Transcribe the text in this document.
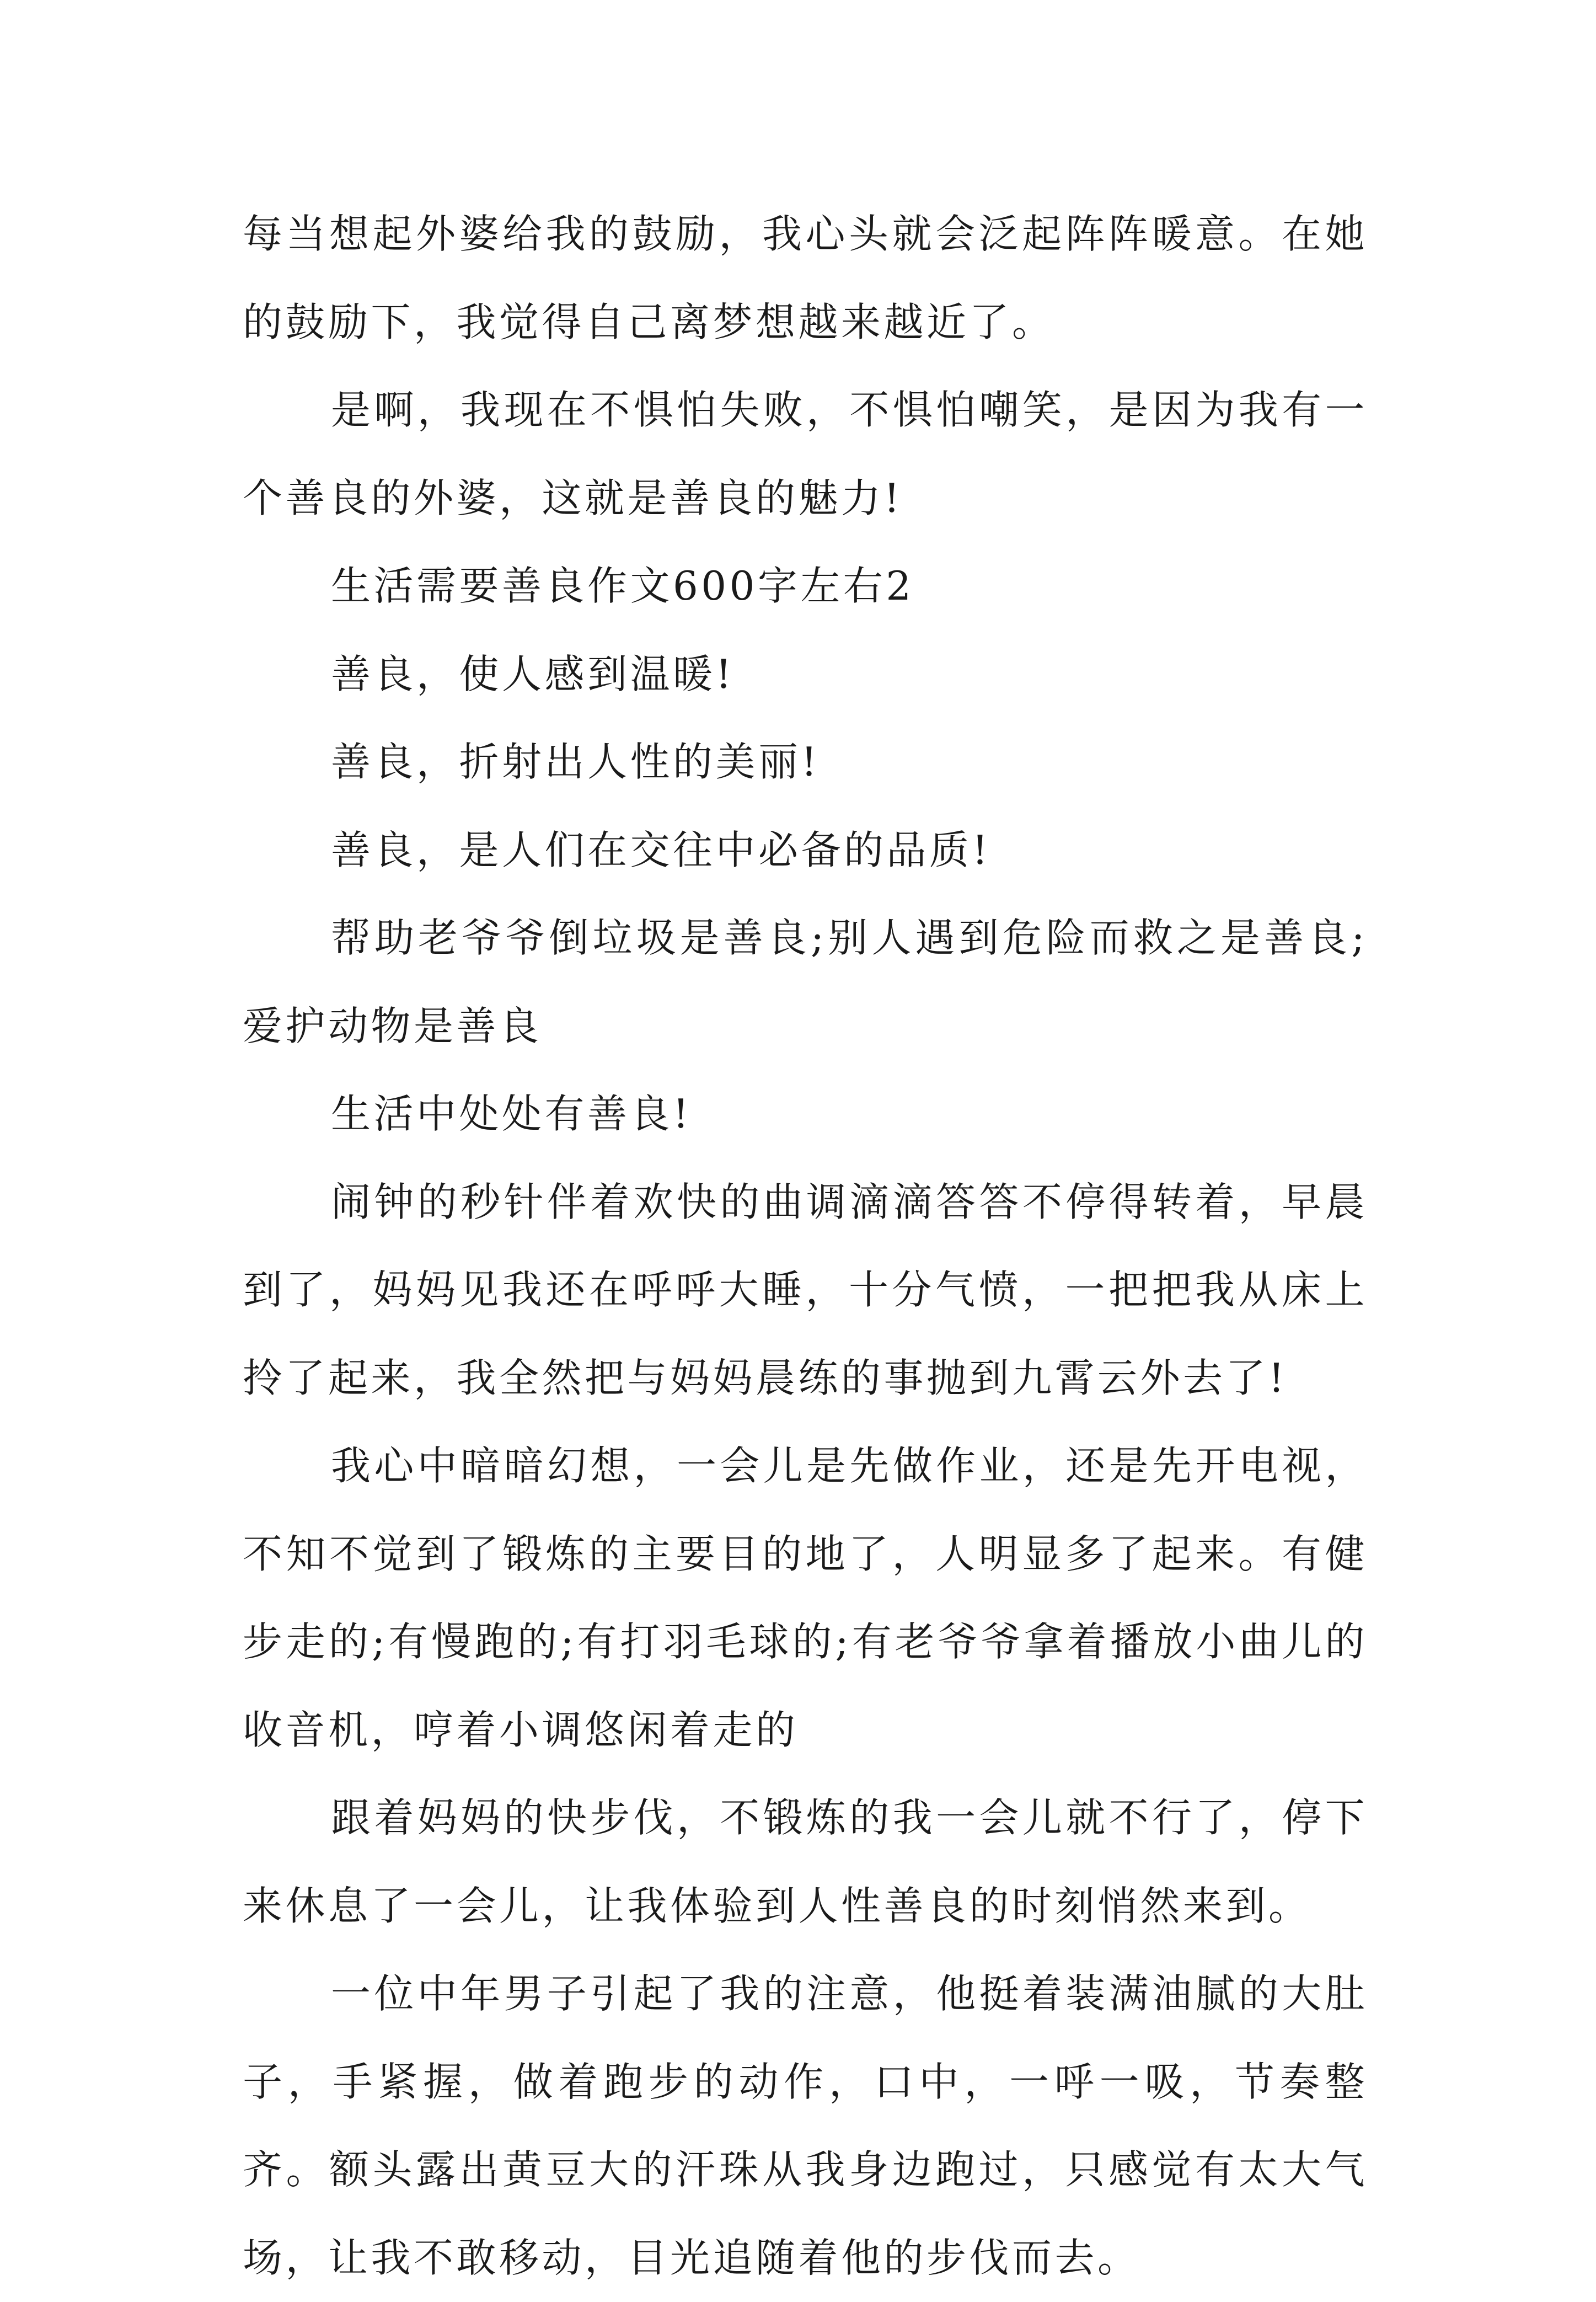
每当想起外婆给我的鼓励，我心头就会泛起阵阵暖意。在她的鼓励下，我觉得自己离梦想越来越近了。

是啊，我现在不惧怕失败，不惧怕嘲笑，是因为我有一个善良的外婆，这就是善良的魅力!

生活需要善良作文600字左右2

善良，使人感到温暖!

善良，折射出人性的美丽!

善良，是人们在交往中必备的品质!

帮助老爷爷倒垃圾是善良;别人遇到危险而救之是善良;爱护动物是善良

生活中处处有善良!

闹钟的秒针伴着欢快的曲调滴滴答答不停得转着，早晨到了，妈妈见我还在呼呼大睡，十分气愤，一把把我从床上拎了起来，我全然把与妈妈晨练的事抛到九霄云外去了!

我心中暗暗幻想，一会儿是先做作业，还是先开电视，不知不觉到了锻炼的主要目的地了，人明显多了起来。有健步走的;有慢跑的;有打羽毛球的;有老爷爷拿着播放小曲儿的收音机，哼着小调悠闲着走的

跟着妈妈的快步伐，不锻炼的我一会儿就不行了，停下来休息了一会儿，让我体验到人性善良的时刻悄然来到。

一位中年男子引起了我的注意，他挺着装满油腻的大肚子，手紧握，做着跑步的动作，口中，一呼一吸，节奏整齐。额头露出黄豆大的汗珠从我身边跑过，只感觉有太大气场，让我不敢移动，目光追随着他的步伐而去。
